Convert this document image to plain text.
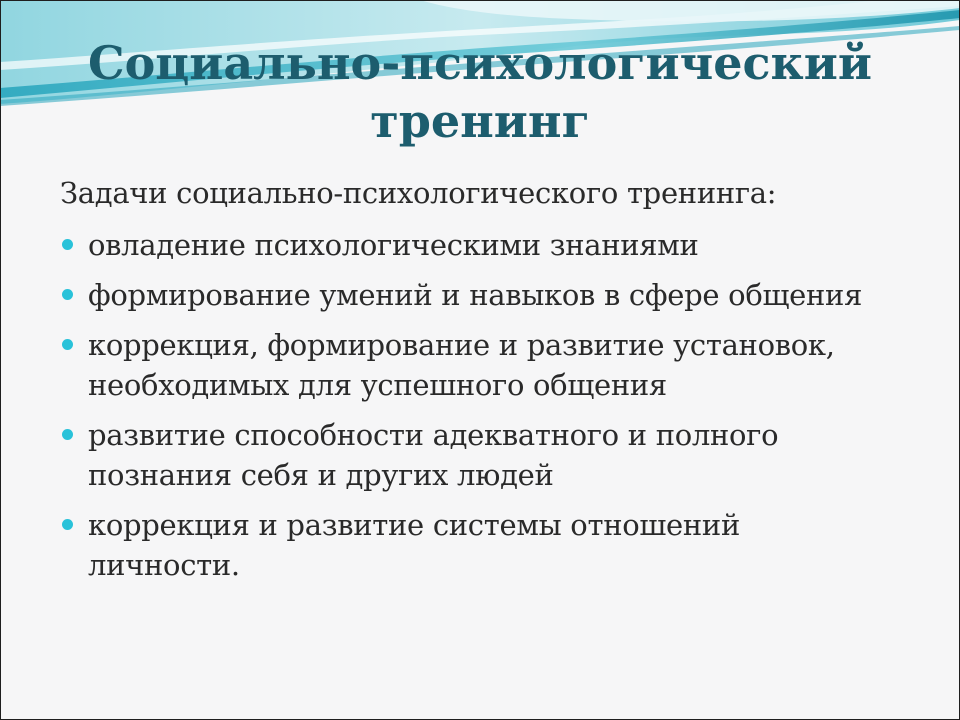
Социально-психологический
тренинг

Задачи социально-психологического тренинга:

овладение психологическими знаниями
формирование умений и навыков в сфере общения
коррекция, формирование и развитие установок,
необходимых для успешного общения
развитие способности адекватного и полного
познания себя и других людей
коррекция и развитие системы отношений
личности.
